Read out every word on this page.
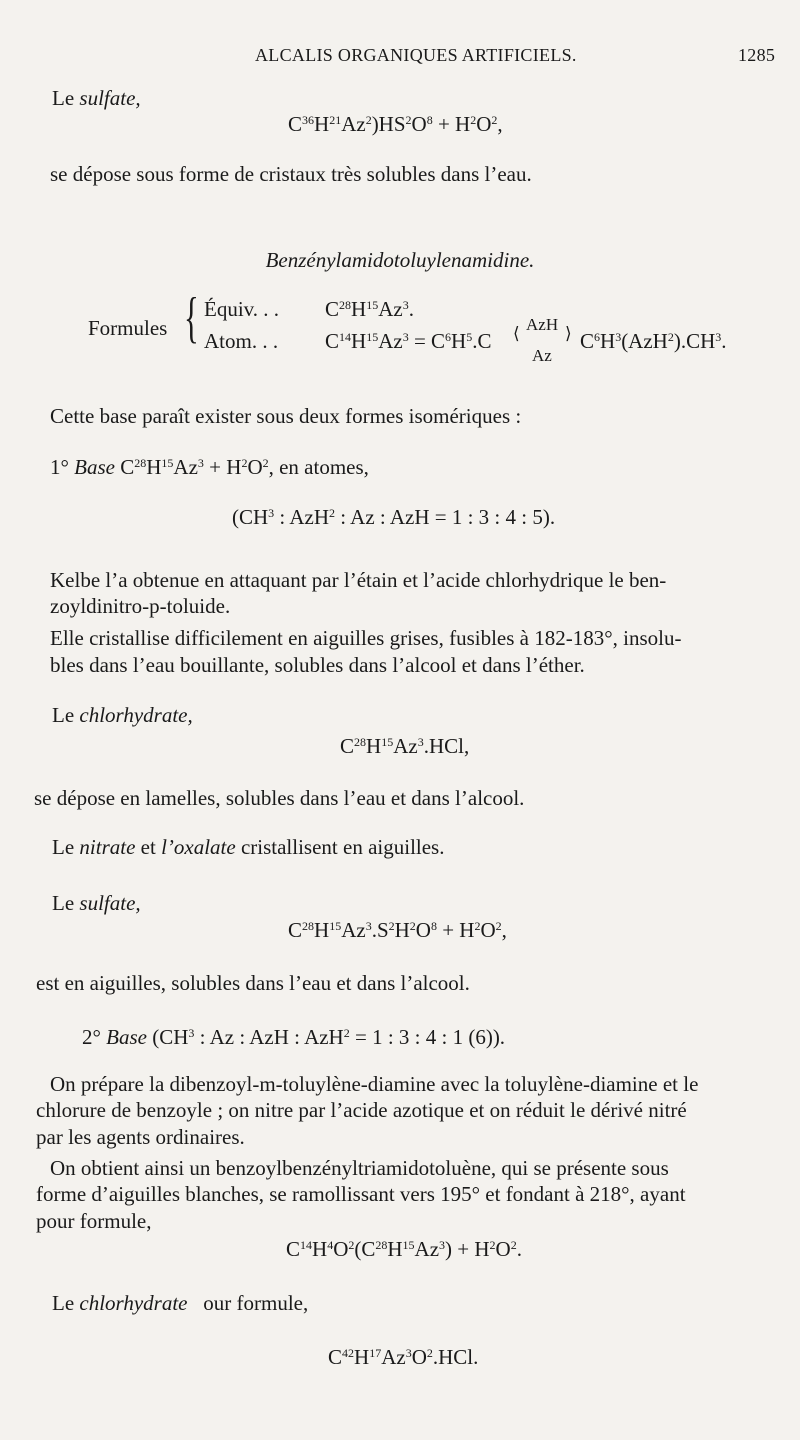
ALCALIS ORGANIQUES ARTIFICIELS.	1285
Le sulfate,
$C^{36}H^{21}Az^2)HS^2O^8 + H^2O^2$,
se dépose sous forme de cristaux très solubles dans l’eau.
Benzénylamidotoluylenamidine.
Formules { Équiv. . . $C^{28}H^{15}Az^3$.
Atom. . . $C^{14}H^{15}Az^3 = C^6H^5.C$ ⟨ AzH
Az
⟩ $C^6H^3(AzH^2).CH^3$.
Cette base paraît exister sous deux formes isomériques :
1° Base $C^{28}H^{15}Az^3 + H^2O^2$, en atomes,
($CH^3$ : AzH$^2$ : Az : AzH = 1 : 3 : 4 : 5).
Kelbe l’a obtenue en attaquant par l’étain et l’acide chlorhydrique le ben-
zoyldinitro-p-toluide.
Elle cristallise difficilement en aiguilles grises, fusibles à 182-183°, insolu-
bles dans l’eau bouillante, solubles dans l’alcool et dans l’éther.
Le chlorhydrate,
$C^{28}H^{15}Az^3.HCl$,
se dépose en lamelles, solubles dans l’eau et dans l’alcool.
Le nitrate et l’oxalate cristallisent en aiguilles.
Le sulfate,
$C^{28}H^{15}Az^3.S^2H^2O^8 + H^2O^2$,
est en aiguilles, solubles dans l’eau et dans l’alcool.
2° Base ($CH^3$ : Az : AzH : AzH$^2$ = 1 : 3 : 4 : 1 (6)).
On prépare la dibenzoyl-m-toluylène-diamine avec la toluylène-diamine et le
chlorure de benzoyle ; on nitre par l’acide azotique et on réduit le dérivé nitré
par les agents ordinaires.
On obtient ainsi un benzoylbenzényltriamidotoluène, qui se présente sous
forme d’aiguilles blanches, se ramollissant vers 195° et fondant à 218°, ayant
pour formule,
$C^{14}H^4O^2(C^{28}H^{15}Az^3) + H^2O^2$.
Le chlorhydrate   our formule,
$C^{42}H^{17}Az^3O^2.HCl$.
